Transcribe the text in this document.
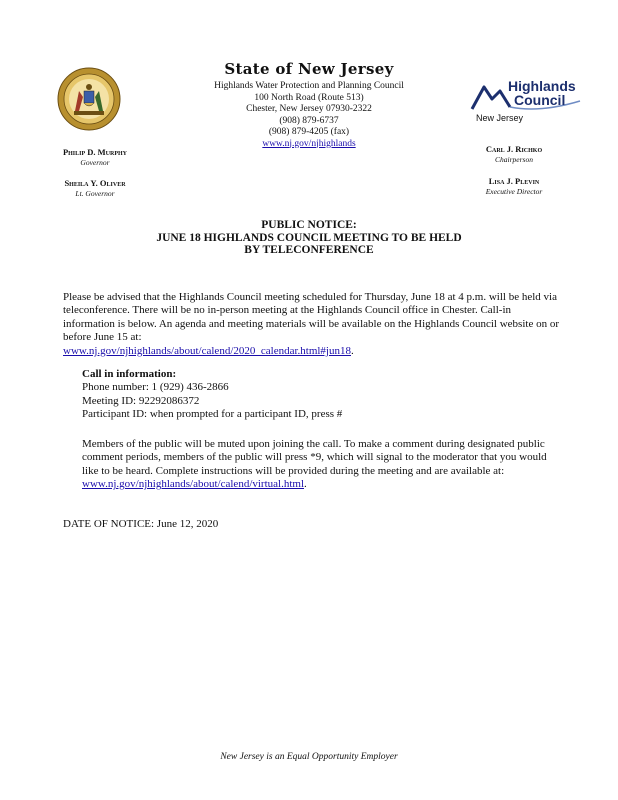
State of New Jersey
Highlands Water Protection and Planning Council
100 North Road (Route 513)
Chester, New Jersey 07930-2322
(908) 879-6737
(908) 879-4205 (fax)
www.nj.gov/njhighlands
Highlands
Council
New Jersey
Philip D. Murphy
Governor
Sheila Y. Oliver
Lt. Governor
Carl J. Richko
Chairperson
Lisa J. Plevin
Executive Director
PUBLIC NOTICE:
JUNE 18 HIGHLANDS COUNCIL MEETING TO BE HELD
BY TELECONFERENCE
Please be advised that the Highlands Council meeting scheduled for Thursday, June 18 at 4 p.m. will be held via teleconference. There will be no in-person meeting at the Highlands Council office in Chester. Call-in information is below. An agenda and meeting materials will be available on the Highlands Council website on or before June 15 at:
www.nj.gov/njhighlands/about/calend/2020_calendar.html#jun18.
Call in information:
Phone number: 1 (929) 436-2866
Meeting ID: 92292086372
Participant ID: when prompted for a participant ID, press #
Members of the public will be muted upon joining the call. To make a comment during designated public comment periods, members of the public will press *9, which will signal to the moderator that you would like to be heard. Complete instructions will be provided during the meeting and are available at: www.nj.gov/njhighlands/about/calend/virtual.html.
DATE OF NOTICE: June 12, 2020
New Jersey is an Equal Opportunity Employer
